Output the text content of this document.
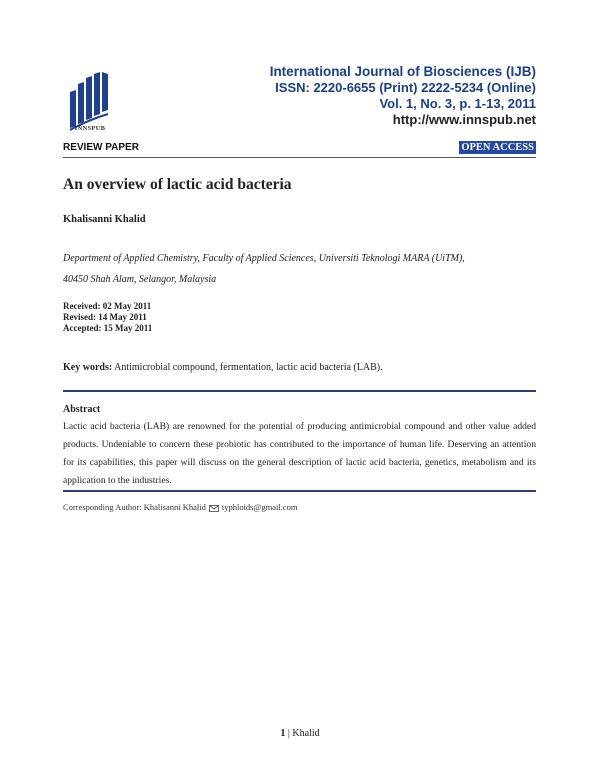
INNSPUB
International Journal of Biosciences (IJB)
ISSN: 2220-6655 (Print) 2222-5234 (Online)
Vol. 1, No. 3, p. 1-13, 2011
http://www.innspub.net
REVIEW PAPER	OPEN ACCESS
An overview of lactic acid bacteria
Khalisanni Khalid
Department of Applied Chemistry, Faculty of Applied Sciences, Universiti Teknologi MARA (UiTM),
40450 Shah Alam, Selangor, Malaysia
Received: 02 May 2011
Revised: 14 May 2011
Accepted: 15 May 2011
Key words: Antimicrobial compound, fermentation, lactic acid bacteria (LAB).
Abstract
Lactic acid bacteria (LAB) are renowned for the potential of producing antimicrobial compound and other value added products. Undeniable to concern these probiotic has contributed to the importance of human life. Deserving an attention for its capabilities, this paper will discuss on the general description of lactic acid bacteria, genetics, metabolism and its application to the industries.
Corresponding Author: Khalisanni Khalid typhloids@gmail.com
1 | Khalid
